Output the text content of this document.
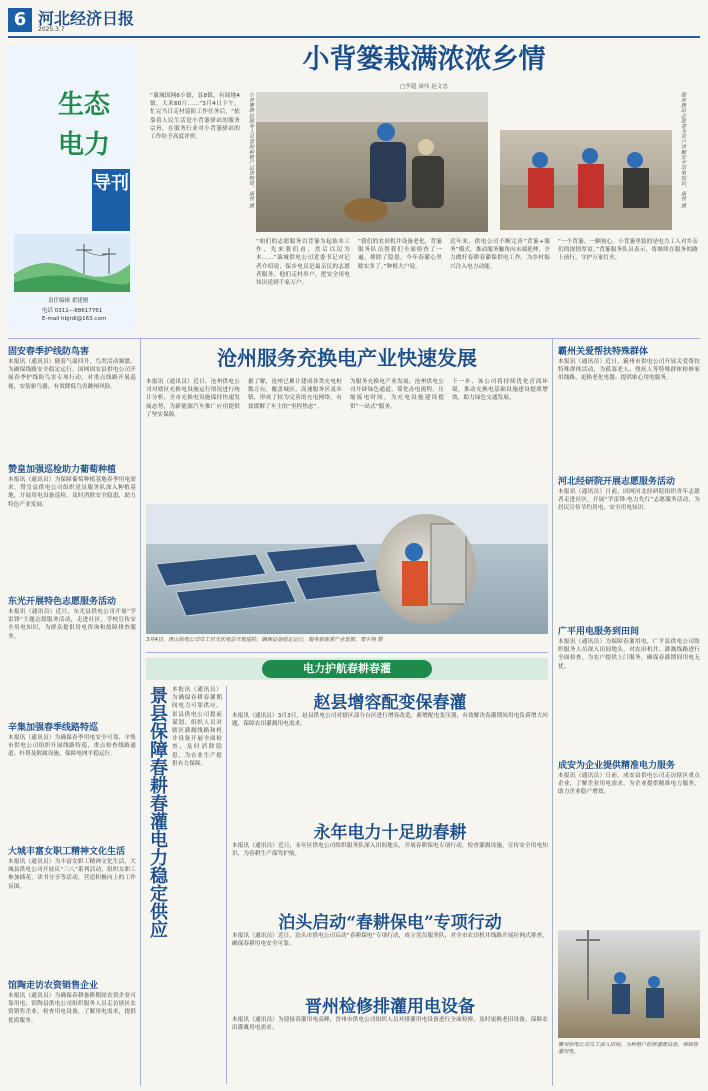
6 河北经济日报
2025.3.7
生态
电力
导刊
责任编辑 翟建刚
电话 0311—88617761
E-mail hbjrdl@163.com
小背篓栽满浓浓乡情
□李超 康伟 赵文忠
“藁城国网6小镇，县8镇，有阎地4镇，大米60斤……”3月4日下午，忙完当日走村巡防工作任务后，“依靠着人民生活是小背篓驿站的服务宗旨，在服务行业对小背篓驿站的工作给予高度评价。	小背篓驿站服务人员帮助种植户运送物资。康伟 摄	服务驿站志愿者为农户讲解安全用电知识。康伟 摄
“咱们的志愿服务以背篓为起始本工作，先来我们看，然后以民为本……”藁城供电公司党委书记对记者介绍说，保乡电员是最亲民的志愿者服务，他们走村串户，把安全用电知识送到千家万户。
“我们的农田机井设备老化，背篓服务队员帮我们全面检查了一遍，排除了隐患，今年春灌心里踏实多了。”种植大户说。
近年来，供电公司不断完善“背篓+服务”模式，推动服务触角向末端延伸，全力做好春耕春灌保供电工作，为乡村振兴注入电力动能。
“一个背篓，一颗初心。小背篓里装的是电力工人对乡亲们的深情厚谊。”背篓服务队员表示，将继续在服务的路上前行，守护万家灯火。
固安春季护线防鸟害
本报讯（通讯员）随着气温回升，鸟类活动频繁，为确保线路安全稳定运行，国网固安县供电公司开展春季护线防鸟害专项行动，对重点线路开展巡视，安装驱鸟器，有效降低鸟害跳闸风险。
赞皇加强巡检助力葡萄种植
本报讯（通讯员）为保障葡萄种植基地春季用电需求，赞皇县供电公司组织党员服务队深入种植基地，开展用电设备巡检，及时消除安全隐患，助力特色产业发展。
东光开展特色志愿服务活动
本报讯（通讯员）近日，东光县供电公司开展“学雷锋”主题志愿服务活动，走进社区、学校宣传安全用电知识，为群众提供用电咨询和故障排查服务。
辛集加强春季线路特巡
本报讯（通讯员）为确保春季用电安全可靠，辛集市供电公司组织开展线路特巡，重点检查线路通道、杆塔及附属设施，保障电网平稳运行。
大城丰富女职工精神文化生活
本报讯（通讯员）为丰富女职工精神文化生活，大城县供电公司开展庆“三八”系列活动，组织女职工参加插花、读书分享等活动，营造积极向上的工作氛围。
馆陶走访农资销售企业
本报讯（通讯员）为确保春耕备耕期间农资企业可靠用电，馆陶县供电公司组织服务人员走访辖区农资销售企业，检查用电设备，了解用电需求，提供优质服务。
沧州服务充换电产业快速发展
本报讯（通讯员）近日，沧州供电公司对辖区充换电设施运行情况进行统计分析，全市充换电设施保持快速发展态势，为新能源汽车推广应用提供了坚实保障。
据了解，沧州已累计建成各类充电桩数万台，覆盖城区、高速服务区及乡镇，形成了较为完善的充电网络，有效缓解了车主的“里程焦虑”。
为服务充换电产业发展，沧州供电公司开辟绿色通道，简化办电流程，压缩接电时间，为充电设施建设提供“一站式”服务。
下一步，该公司将持续优化营商环境，推动充换电基础设施建设提质增效，助力绿色交通发展。
3月4日，唐山供电公司员工对光伏电站开展巡检，确保设备稳定运行，服务新能源产业发展。周宇翔 摄
电力护航春耕春灌
景县保障春耕春灌电力稳定供应 本报讯（通讯员）为确保春耕春灌期间电力可靠供应，景县供电公司提前谋划，组织人员对辖区灌溉线路和机井设备开展全面检查，及时消除隐患，为农业生产提供有力保障。
赵县增容配变保春灌
本报讯（通讯员）3月3日，赵县供电公司对辖区部分台区进行增容改造，新增配电变压器，有效解决春灌期间用电负荷增大问题，保障农田灌溉用电需求。
永年电力十足助春耕
本报讯（通讯员）近日，永年区供电公司组织服务队深入田间地头，开展春耕保电专项行动，检查灌溉设施，宣传安全用电知识，为春耕生产保驾护航。
泊头启动“春耕保电”专项行动
本报讯（通讯员）近日，泊头市供电公司启动“春耕保电”专项行动，成立党员服务队，对全市农田机井线路开展拉网式排查，确保春耕用电安全可靠。
晋州检修排灌用电设备
本报讯（通讯员）为迎接春灌用电高峰，晋州市供电公司组织人员对排灌用电设备进行全面检修，及时更换老旧设备，保障农田灌溉用电需求。
霸州关爱帮扶特殊群体
本报讯（通讯员）近日，霸州市供电公司开展关爱帮扶特殊群体活动，为孤寡老人、残疾人等特殊群体检修家用线路，更换老化电器，提供贴心用电服务。
河北经研院开展志愿服务活动
本报讯（通讯员）日前，国网河北经研院组织青年志愿者走进社区，开展“学雷锋·电力先行”志愿服务活动，为居民宣传节约用电、安全用电知识。
广平用电服务到田间
本报讯（通讯员）为保障春灌用电，广平县供电公司组织服务人员深入田间地头，对农田机井、灌溉线路进行全面检查，为农户提供上门服务，确保春灌期间用电无忧。
成安为企业提供精准电力服务
本报讯（通讯员）日前，成安县供电公司走访辖区重点企业，了解企业用电需求，为企业提供精准电力服务，助力企业稳产增效。
冀州供电公司员工深入田间，为种植户检修灌溉设备，保障春灌用电。
